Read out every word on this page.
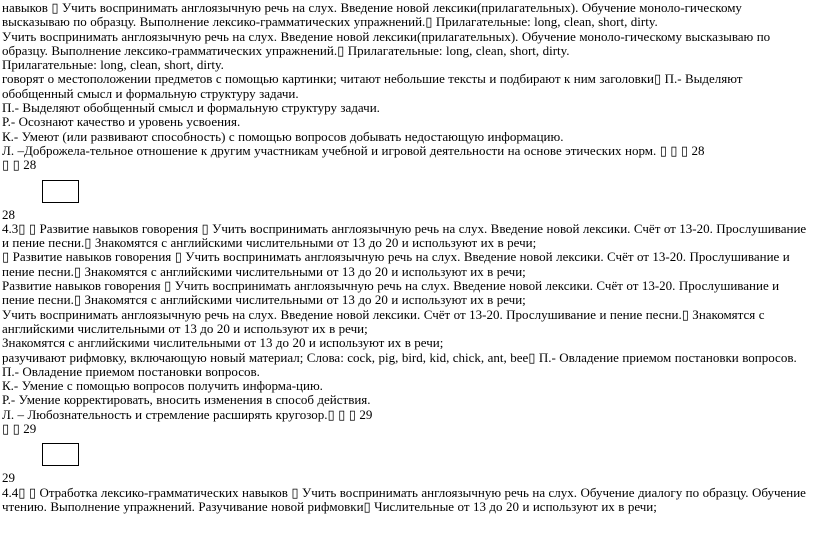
навыков ▯ Учить воспринимать англоязычную речь на слух. Введение новой лексики(прилагательных). Обучение моноло-гическому высказываю по образцу. Выполнение лексико-грамматических упражнений.▯ Прилагательные: long, clean, short, dirty.

Учить воспринимать англоязычную речь на слух. Введение новой лексики(прилагательных). Обучение моноло-гическому высказываю по образцу. Выполнение лексико-грамматических упражнений.▯ Прилагательные: long, clean, short, dirty.

Прилагательные: long, clean, short, dirty.

говорят о местоположении предметов с помощью картинки; читают небольшие тексты и подбирают к ним заголовки▯ П.- Выделяют обобщенный смысл и формальную структуру задачи.

П.- Выделяют обобщенный смысл и формальную структуру задачи.

Р.- Осознают качество и уровень усвоения.

К.- Умеют (или развивают способность) с помощью вопросов добывать недостающую информацию.

Л. –Доброжела-тельное отношение к другим участникам учебной и игровой деятельности на основе этических норм. ▯ ▯ ▯ 28

▯ ▯ 28

28

4.3▯ ▯ Развитие навыков говорения ▯ Учить воспринимать англоязычную речь на слух. Введение новой лексики. Счёт от 13-20. Прослушивание и пение песни.▯ Знакомятся с английскими числительными от 13 до 20 и используют их в речи;

▯ Развитие навыков говорения ▯ Учить воспринимать англоязычную речь на слух. Введение новой лексики. Счёт от 13-20. Прослушивание и пение песни.▯ Знакомятся с английскими числительными от 13 до 20 и используют их в речи;

Развитие навыков говорения ▯ Учить воспринимать англоязычную речь на слух. Введение новой лексики. Счёт от 13-20. Прослушивание и пение песни.▯ Знакомятся с английскими числительными от 13 до 20 и используют их в речи;

Учить воспринимать англоязычную речь на слух. Введение новой лексики. Счёт от 13-20. Прослушивание и пение песни.▯ Знакомятся с английскими числительными от 13 до 20 и используют их в речи;

Знакомятся с английскими числительными от 13 до 20 и используют их в речи;

разучивают рифмовку, включающую новый материал; Слова: cock, pig, bird, kid, chick, ant, bee▯ П.- Овладение приемом постановки вопросов.

П.- Овладение приемом постановки вопросов.

К.- Умение с помощью вопросов получить информа-цию.

Р.- Умение корректировать, вносить изменения в способ действия.

Л. – Любознательность и стремление расширять кругозор.▯ ▯ ▯ 29

▯ ▯ 29

29

4.4▯ ▯ Отработка лексико-грамматических навыков ▯ Учить воспринимать англоязычную речь на слух. Обучение диалогу по образцу. Обучение чтению. Выполнение упражнений. Разучивание новой рифмовки▯ Числительные от 13 до 20 и используют их в речи;
